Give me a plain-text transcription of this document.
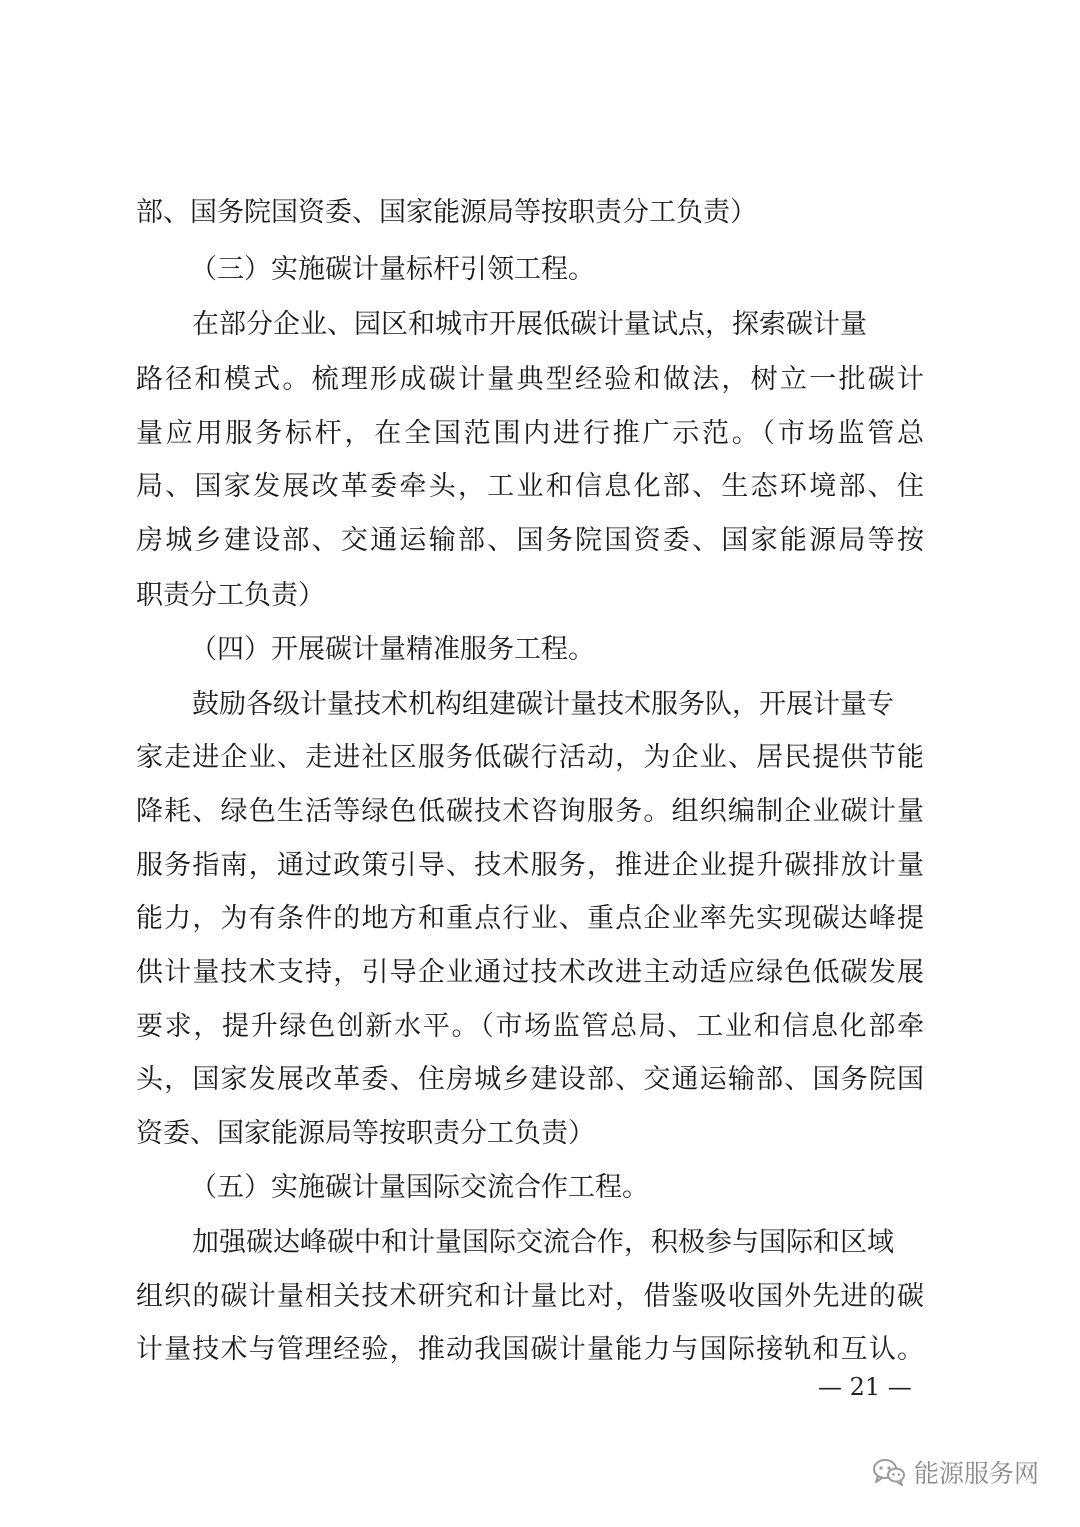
部、国务院国资委、国家能源局等按职责分工负责）
（三）实施碳计量标杆引领工程。
在部分企业、园区和城市开展低碳计量试点，探索碳计量
路径和模式。梳理形成碳计量典型经验和做法，树立一批碳计
量应用服务标杆，在全国范围内进行推广示范。（市场监管总
局、国家发展改革委牵头，工业和信息化部、生态环境部、住
房城乡建设部、交通运输部、国务院国资委、国家能源局等按
职责分工负责）
（四）开展碳计量精准服务工程。
鼓励各级计量技术机构组建碳计量技术服务队，开展计量专
家走进企业、走进社区服务低碳行活动，为企业、居民提供节能
降耗、绿色生活等绿色低碳技术咨询服务。组织编制企业碳计量
服务指南，通过政策引导、技术服务，推进企业提升碳排放计量
能力，为有条件的地方和重点行业、重点企业率先实现碳达峰提
供计量技术支持，引导企业通过技术改进主动适应绿色低碳发展
要求，提升绿色创新水平。（市场监管总局、工业和信息化部牵
头，国家发展改革委、住房城乡建设部、交通运输部、国务院国
资委、国家能源局等按职责分工负责）
（五）实施碳计量国际交流合作工程。
加强碳达峰碳中和计量国际交流合作，积极参与国际和区域
组织的碳计量相关技术研究和计量比对，借鉴吸收国外先进的碳
计量技术与管理经验，推动我国碳计量能力与国际接轨和互认。
— 21 —
能源服务网
